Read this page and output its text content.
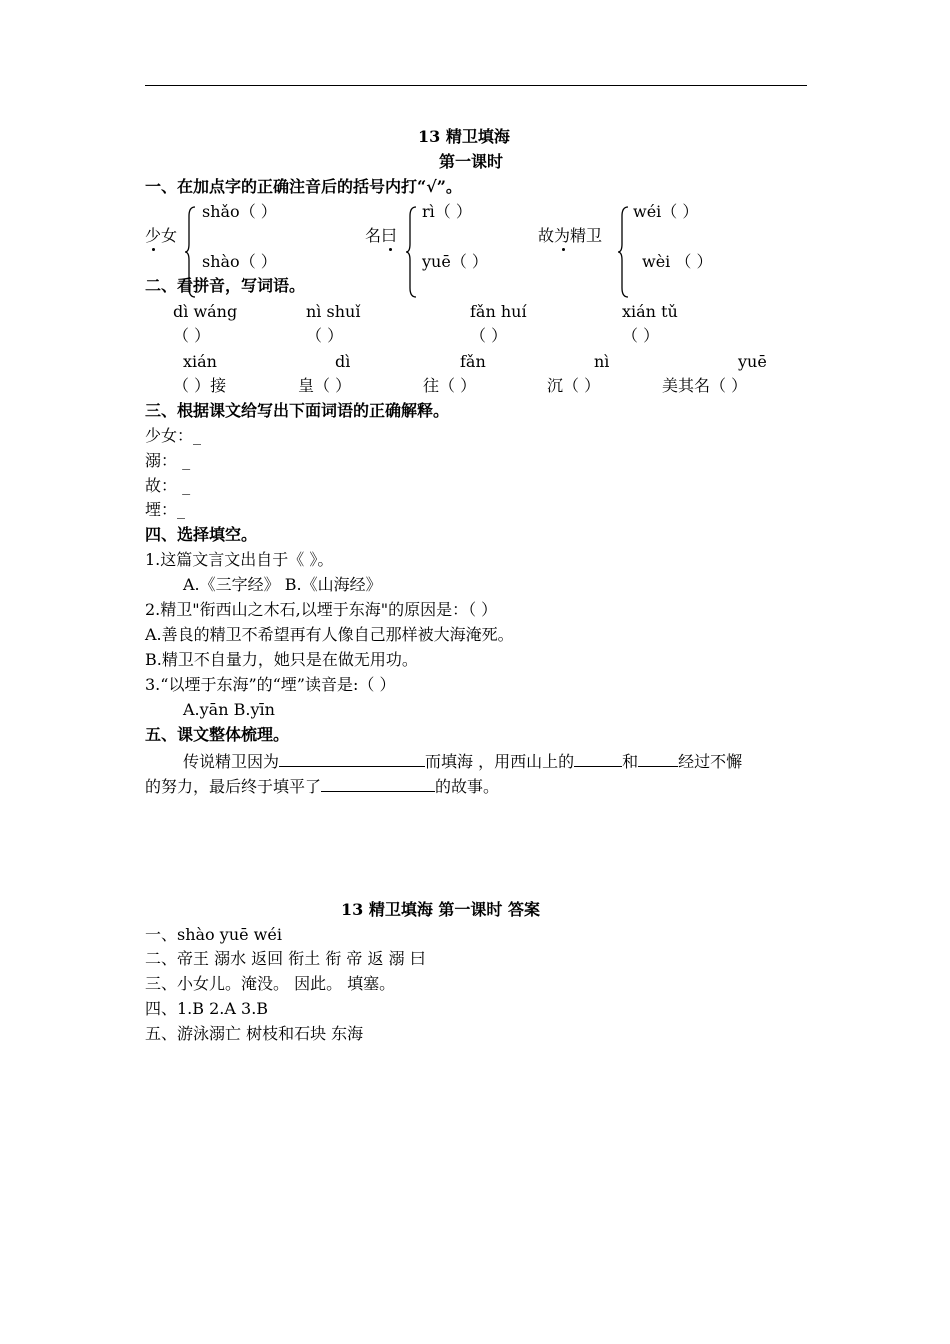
13 精卫填海
第一课时
一、在加点字的正确注音后的括号内打“√”。
shǎo（ ）
少女
shào（ ）
rì（ ）
名曰
yuē（ ）
wéi（ ）
故为精卫
wèi （ ）
二、看拼音，写词语。
dì wáng	nì shuǐ	fǎn huí	xián tǔ
（ ）	（ ）	（ ）	（ ）
xián	dì	fǎn	nì	yuē
（ ）接	皇（ ）	往（ ）	沉（ ）	美其名（ ）
三、根据课文给写出下面词语的正确解释。
少女：_
溺： _
故： _
堙：_
四、选择填空。
1.这篇文言文出自于《 》。
A.《三字经》 B.《山海经》
2.精卫"衔西山之木石,以堙于东海"的原因是：（ ）
A.善良的精卫不希望再有人像自己那样被大海淹死。
B.精卫不自量力，她只是在做无用功。
3.“以堙于东海”的“堙”读音是:（ ）
A.yān B.yīn
五、课文整体梳理。
传说精卫因为	而填海 ，用西山上的	和	经过不懈
的努力，最后终于填平了	的故事。
13 精卫填海 第一课时 答案
一、shào yuē wéi
二、帝王 溺水 返回 衔土 衔 帝 返 溺 曰
三、小女儿。淹没。 因此。 填塞。
四、1.B 2.A 3.B
五、游泳溺亡 树枝和石块 东海
